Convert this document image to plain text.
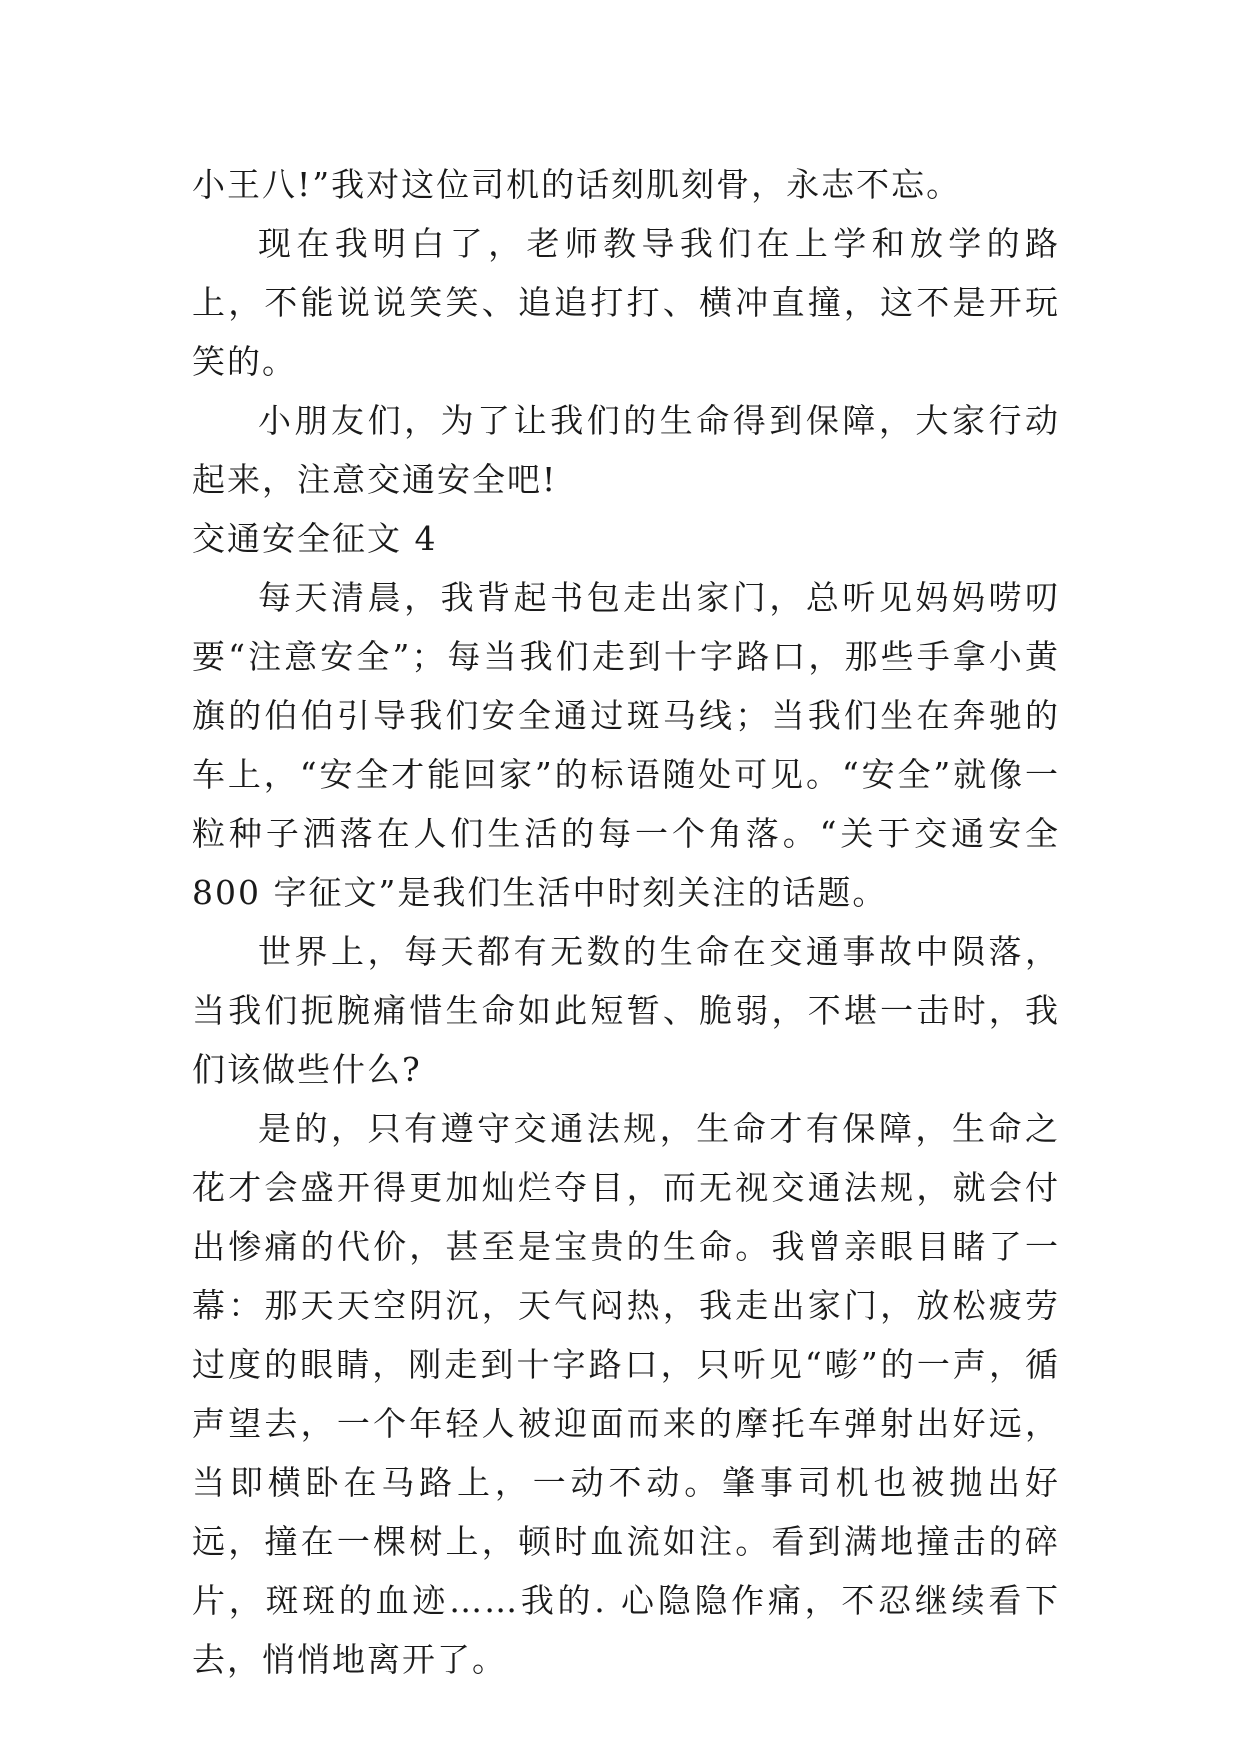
小王八!”我对这位司机的话刻肌刻骨，永志不忘。

现在我明白了，老师教导我们在上学和放学的路上，不能说说笑笑、追追打打、横冲直撞，这不是开玩笑的。

小朋友们，为了让我们的生命得到保障，大家行动起来，注意交通安全吧!

交通安全征文 4

每天清晨，我背起书包走出家门，总听见妈妈唠叨要“注意安全”；每当我们走到十字路口，那些手拿小黄旗的伯伯引导我们安全通过斑马线；当我们坐在奔驰的车上，“安全才能回家”的标语随处可见。“安全”就像一粒种子洒落在人们生活的每一个角落。“关于交通安全 800 字征文”是我们生活中时刻关注的话题。

世界上，每天都有无数的生命在交通事故中陨落，当我们扼腕痛惜生命如此短暂、脆弱，不堪一击时，我们该做些什么?

是的，只有遵守交通法规，生命才有保障，生命之花才会盛开得更加灿烂夺目，而无视交通法规，就会付出惨痛的代价，甚至是宝贵的生命。我曾亲眼目睹了一幕：那天天空阴沉，天气闷热，我走出家门，放松疲劳过度的眼睛，刚走到十字路口，只听见“嘭”的一声，循声望去，一个年轻人被迎面而来的摩托车弹射出好远，当即横卧在马路上，一动不动。肇事司机也被抛出好远，撞在一棵树上，顿时血流如注。看到满地撞击的碎片，斑斑的血迹……我的. 心隐隐作痛，不忍继续看下去，悄悄地离开了。
